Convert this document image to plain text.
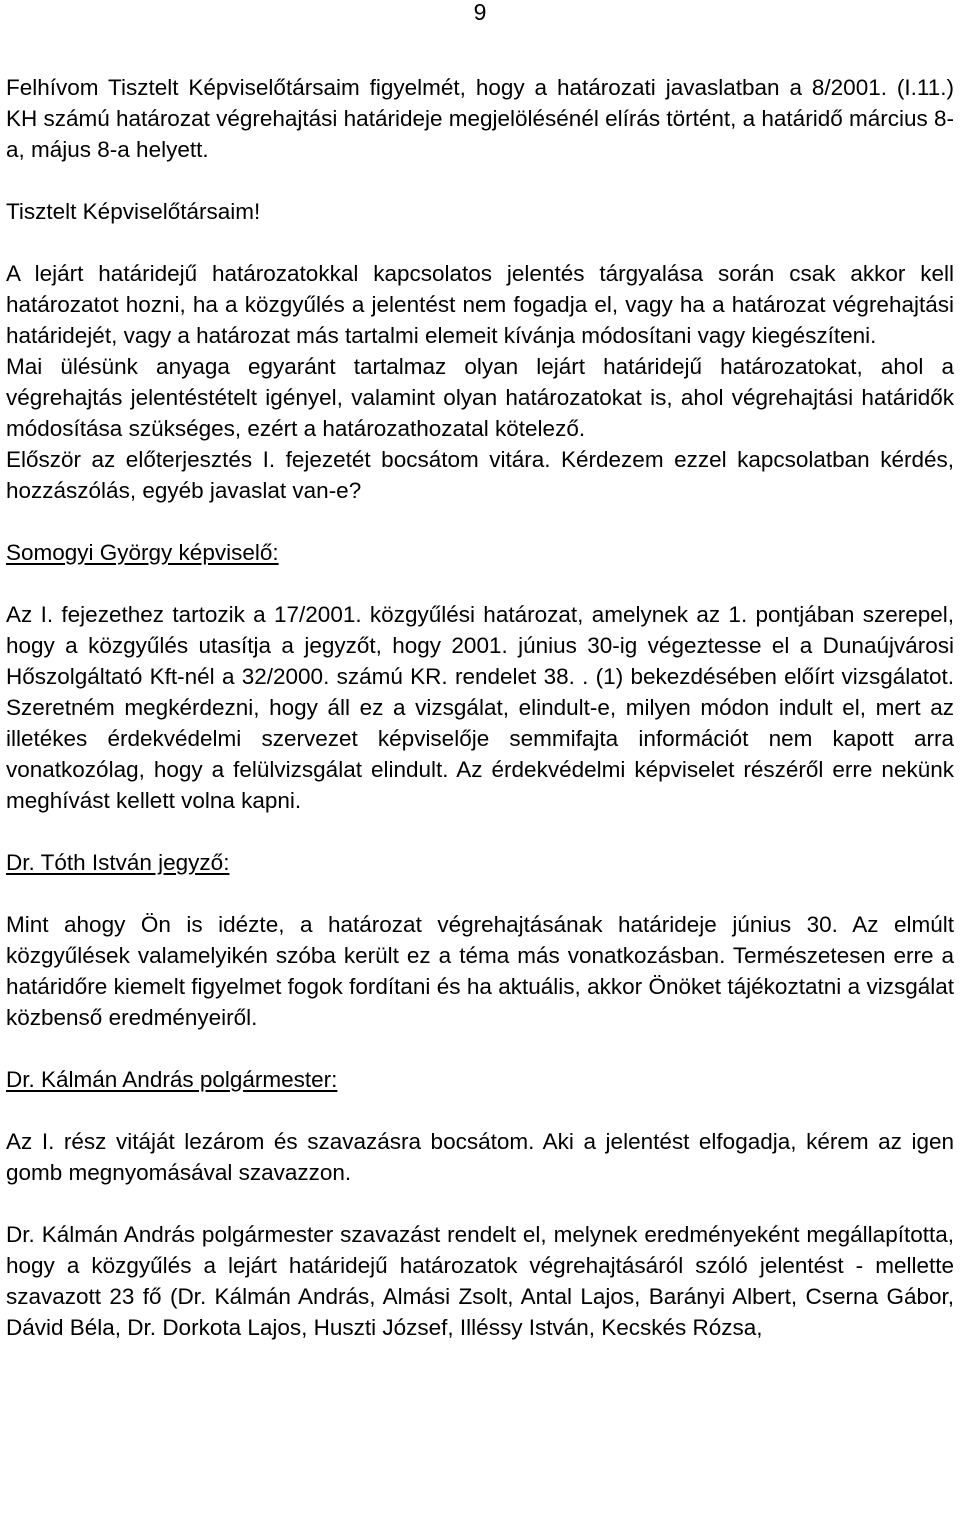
9

Felhívom Tisztelt Képviselőtársaim figyelmét, hogy a határozati javaslatban a 8/2001. (I.11.) KH számú határozat végrehajtási határideje megjelölésénél elírás történt, a határidő március 8-a, május 8-a helyett.

Tisztelt Képviselőtársaim!

A lejárt határidejű határozatokkal kapcsolatos jelentés tárgyalása során csak akkor kell határozatot hozni, ha a közgyűlés a jelentést nem fogadja el, vagy ha a határozat végrehajtási határidejét, vagy a határozat más tartalmi elemeit kívánja módosítani vagy kiegészíteni.

Mai ülésünk anyaga egyaránt tartalmaz olyan lejárt határidejű határozatokat, ahol a végrehajtás jelentéstételt igényel, valamint olyan határozatokat is, ahol végrehajtási határidők módosítása szükséges, ezért a határozathozatal kötelező.

Először az előterjesztés I. fejezetét bocsátom vitára. Kérdezem ezzel kapcsolatban kérdés, hozzászólás, egyéb javaslat van-e?

Somogyi György képviselő:

Az I. fejezethez tartozik a 17/2001. közgyűlési határozat, amelynek az 1. pontjában szerepel, hogy a közgyűlés utasítja a jegyzőt, hogy 2001. június 30-ig végeztesse el a Dunaújvárosi Hőszolgáltató Kft-nél a 32/2000. számú KR. rendelet 38. . (1) bekezdésében előírt vizsgálatot. Szeretném megkérdezni, hogy áll ez a vizsgálat, elindult-e, milyen módon indult el, mert az illetékes érdekvédelmi szervezet képviselője semmifajta információt nem kapott arra vonatkozólag, hogy a felülvizsgálat elindult. Az érdekvédelmi képviselet részéről erre nekünk meghívást kellett volna kapni.

Dr. Tóth István jegyző:

Mint ahogy Ön is idézte, a határozat végrehajtásának határideje június 30. Az elmúlt közgyűlések valamelyikén szóba került ez a téma más vonatkozásban. Természetesen erre a határidőre kiemelt figyelmet fogok fordítani és ha aktuális, akkor Önöket tájékoztatni a vizsgálat közbenső eredményeiről.

Dr. Kálmán András polgármester:

Az I. rész vitáját lezárom és szavazásra bocsátom. Aki a jelentést elfogadja, kérem az igen gomb megnyomásával szavazzon.

Dr. Kálmán András polgármester szavazást rendelt el, melynek eredményeként megállapította, hogy a közgyűlés a lejárt határidejű határozatok végrehajtásáról szóló jelentést - mellette szavazott 23 fő (Dr. Kálmán András, Almási Zsolt, Antal Lajos, Barányi Albert, Cserna Gábor, Dávid Béla, Dr. Dorkota Lajos, Huszti József, Illéssy István, Kecskés Rózsa,
